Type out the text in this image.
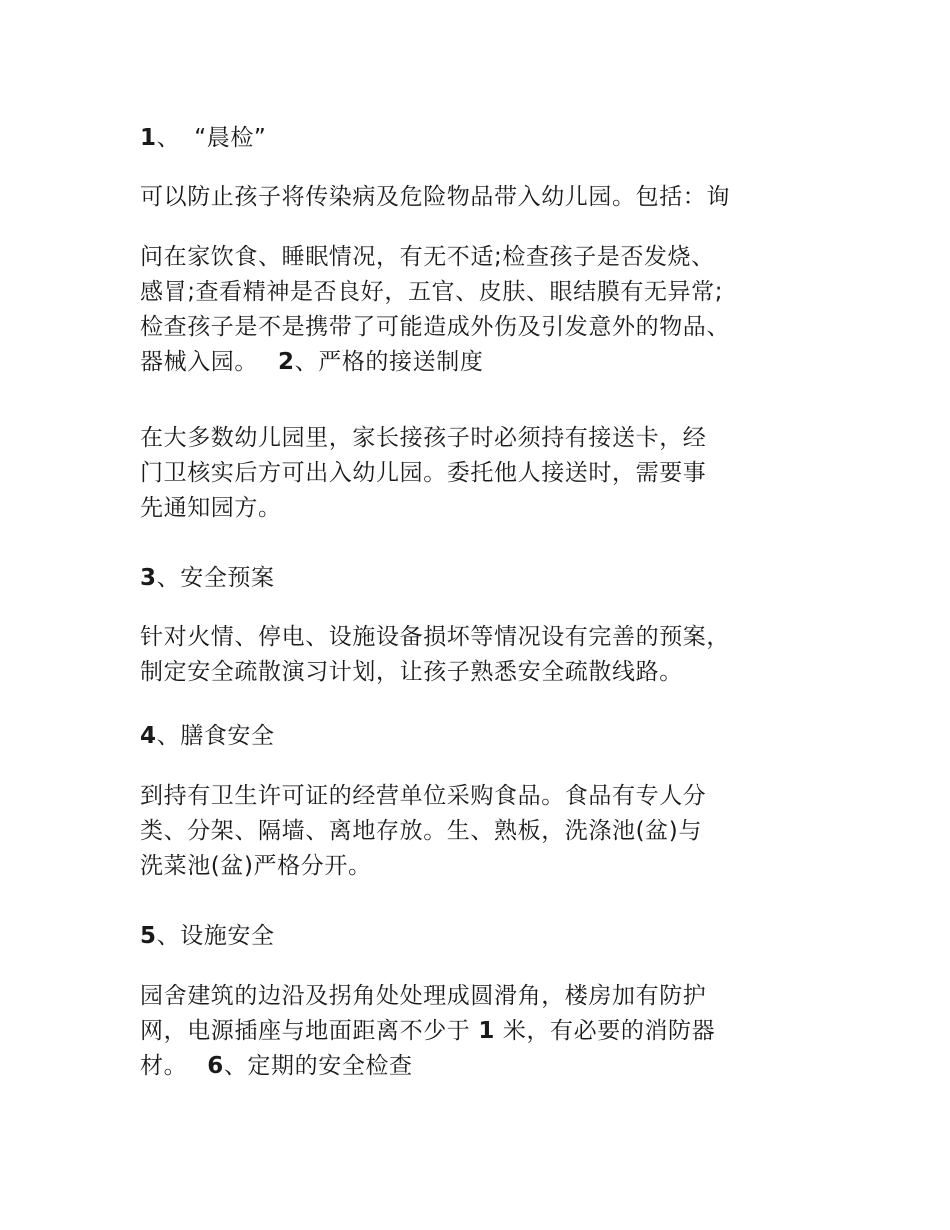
1、 “晨检”

可以防止孩子将传染病及危险物品带入幼儿园。包括：询

问在家饮食、睡眠情况，有无不适;检查孩子是否发烧、
感冒;查看精神是否良好，五官、皮肤、眼结膜有无异常;
检查孩子是不是携带了可能造成外伤及引发意外的物品、
器械入园。 2、严格的接送制度

在大多数幼儿园里，家长接孩子时必须持有接送卡，经
门卫核实后方可出入幼儿园。委托他人接送时，需要事
先通知园方。

3、安全预案

针对火情、停电、设施设备损坏等情况设有完善的预案，
制定安全疏散演习计划，让孩子熟悉安全疏散线路。

4、膳食安全

到持有卫生许可证的经营单位采购食品。食品有专人分
类、分架、隔墙、离地存放。生、熟板，洗涤池(盆)与
洗菜池(盆)严格分开。

5、设施安全

园舍建筑的边沿及拐角处处理成圆滑角，楼房加有防护
网，电源插座与地面距离不少于 1 米，有必要的消防器
材。 6、定期的安全检查
